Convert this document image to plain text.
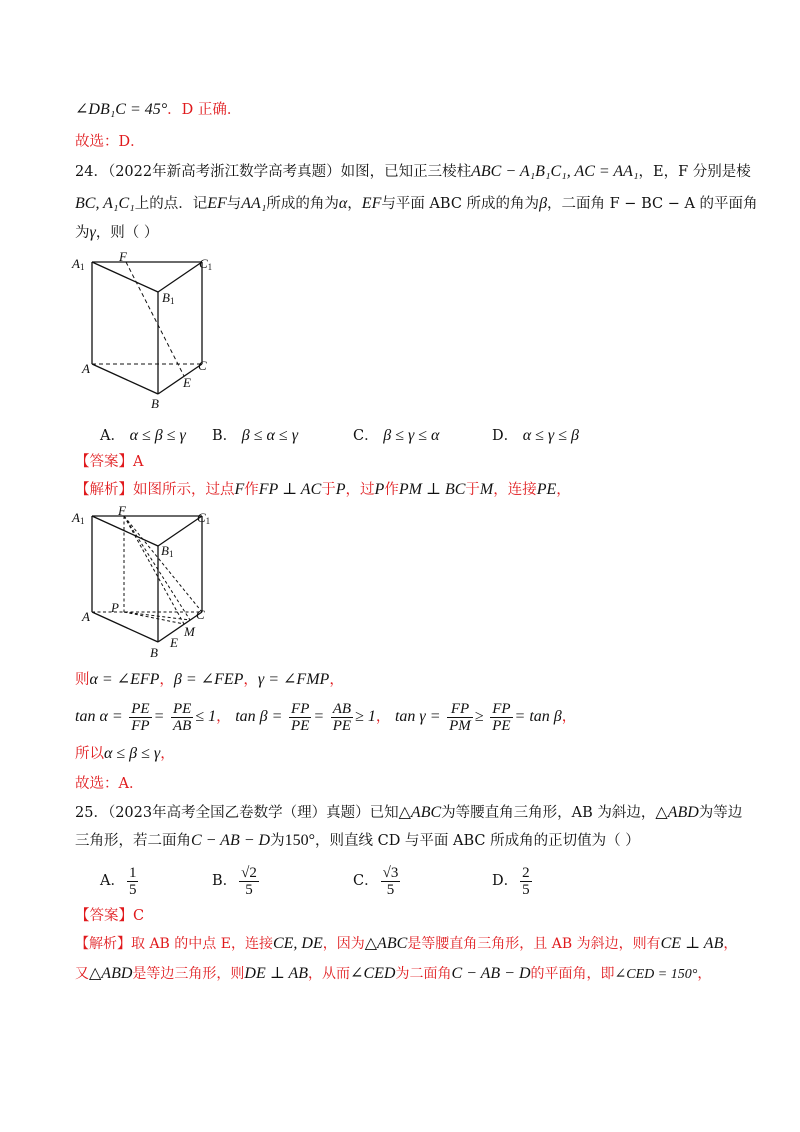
∠DB₁C = 45°．D 正确．
故选：D．
24．（2022年新高考浙江数学高考真题）如图，已知正三棱柱ABC − A₁B₁C₁, AC = AA₁，E，F 分别是棱
BC, A₁C₁上的点．记EF与AA₁所成的角为α，EF与平面 ABC 所成的角为β，二面角 F − BC − A 的平面角
为γ，则（ ）
$A_1$
F	$C_1$
$B_1$
A	C
E
B
A． α ≤ β ≤ γ B． β ≤ α ≤ γ	C． β ≤ γ ≤ α	D． α ≤ γ ≤ β
【答案】A
【解析】如图所示，过点F作FP ⊥ AC于P，过P作PM ⊥ BC于M，连接PE，
$A_1$
F	$C_1$
$B_1$
P
A	C
M
E
B
则α = ∠EFP，β = ∠FEP，γ = ∠FMP，
$\tan \alpha = \frac{PE}{FP} = \frac{PE}{AB} \le 1$， $\tan \beta = \frac{FP}{PE} = \frac{AB}{PE} \ge 1$， $\tan \gamma = \frac{FP}{PM} \ge \frac{FP}{PE} = \tan \beta$，
所以α ≤ β ≤ γ，
故选：A．
25．（2023年高考全国乙卷数学（理）真题）已知△ABC为等腰直角三角形，AB 为斜边，△ABD为等边
三角形，若二面角C − AB − D为150°，则直线 CD 与平面 ABC 所成角的正切值为（ ）
A． $\frac{1}{5}$	B． $\frac{√2}{5}$	C． $\frac{√3}{5}$	D． $\frac{2}{5}$
【答案】C
【解析】取 AB 的中点 E，连接CE, DE，因为△ABC是等腰直角三角形，且 AB 为斜边，则有CE ⊥ AB，
又△ABD是等边三角形，则DE ⊥ AB，从而∠CED为二面角C − AB − D的平面角，即∠CED = 150°，
